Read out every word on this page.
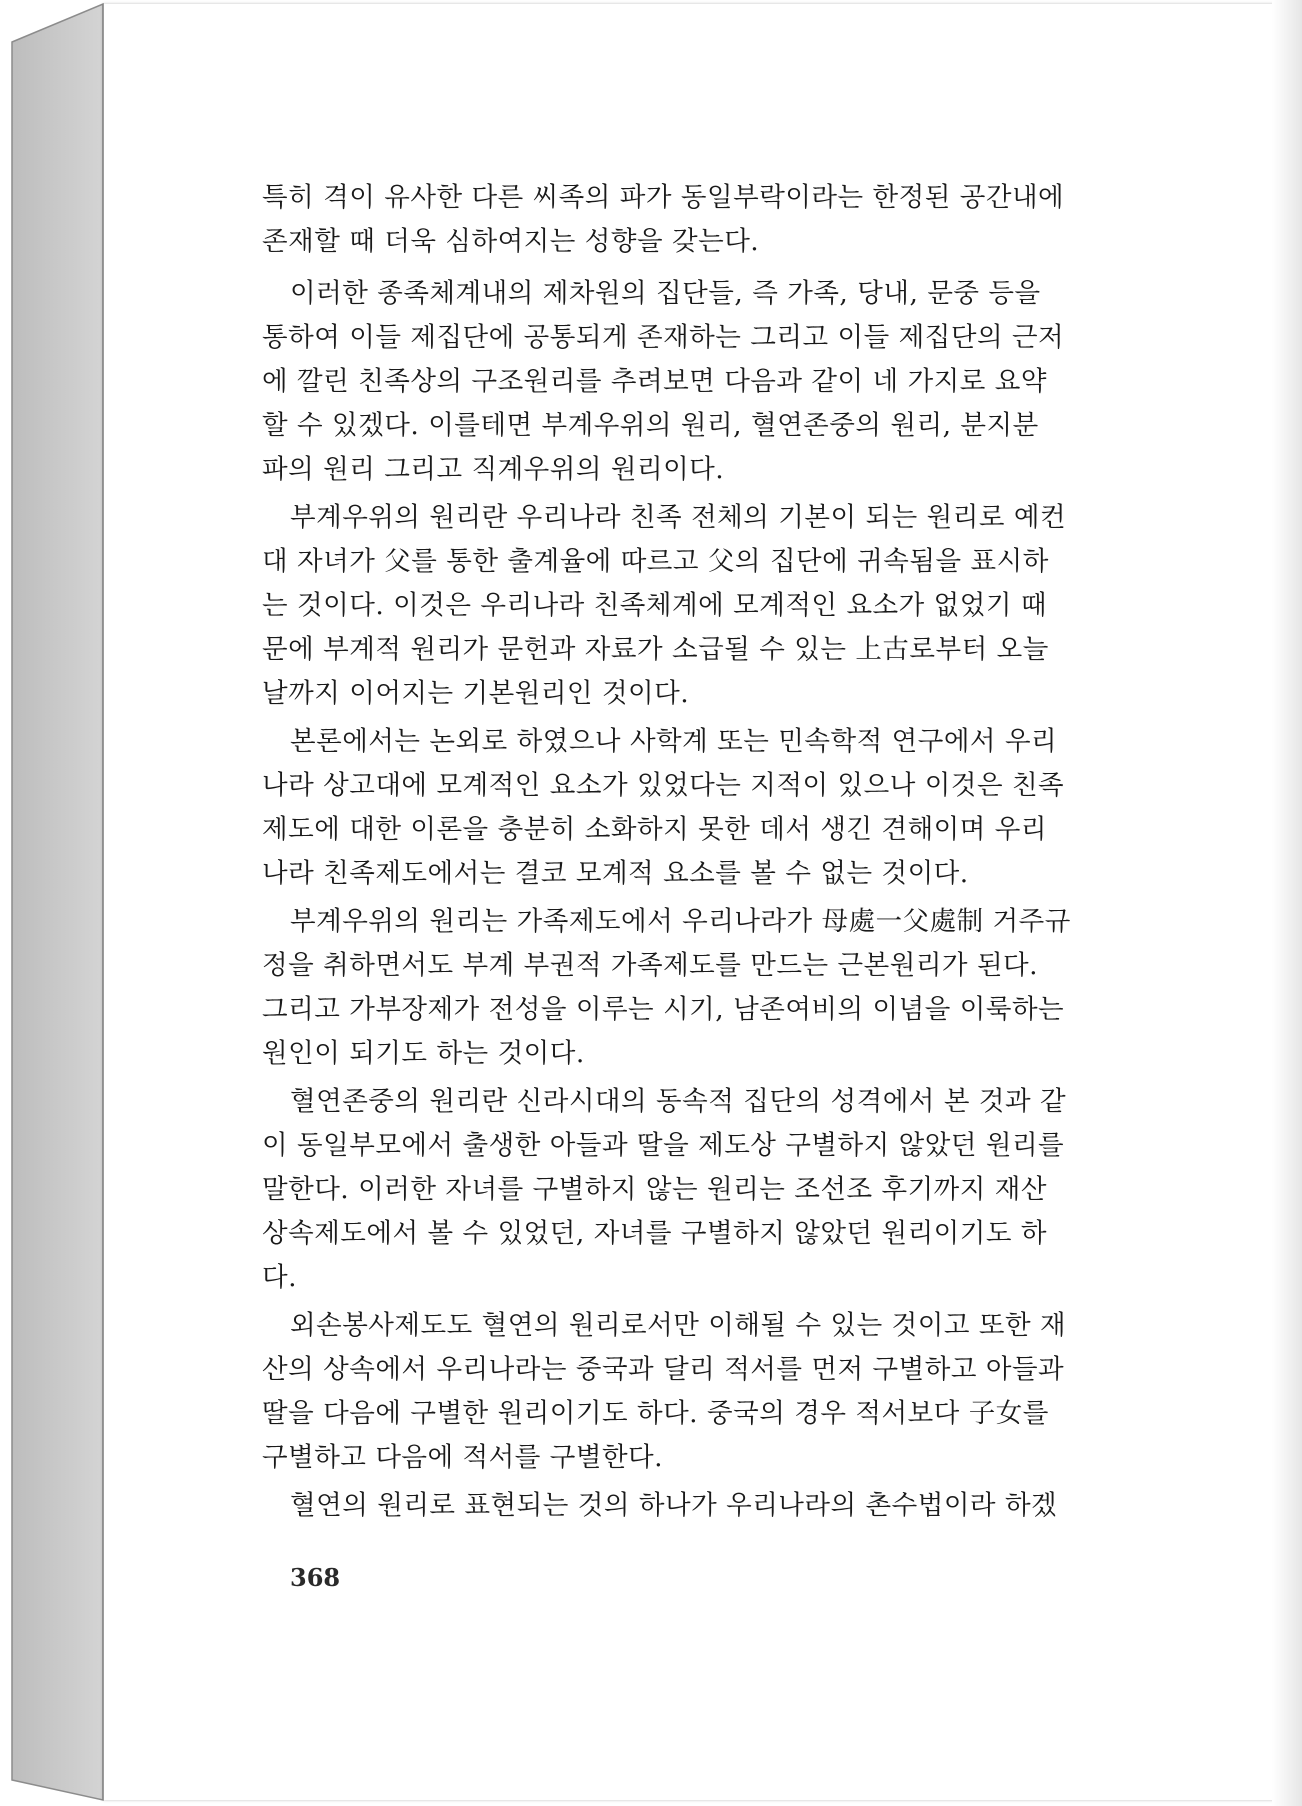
특히 격이 유사한 다른 씨족의 파가 동일부락이라는 한정된 공간내에
존재할 때 더욱 심하여지는 성향을 갖는다.
이러한 종족체계내의 제차원의 집단들, 즉 가족, 당내, 문중 등을
통하여 이들 제집단에 공통되게 존재하는 그리고 이들 제집단의 근저
에 깔린 친족상의 구조원리를 추려보면 다음과 같이 네 가지로 요약
할 수 있겠다. 이를테면 부계우위의 원리, 혈연존중의 원리, 분지분
파의 원리 그리고 직계우위의 원리이다.
부계우위의 원리란 우리나라 친족 전체의 기본이 되는 원리로 예컨
대 자녀가 父를 통한 출계율에 따르고 父의 집단에 귀속됨을 표시하
는 것이다. 이것은 우리나라 친족체계에 모계적인 요소가 없었기 때
문에 부계적 원리가 문헌과 자료가 소급될 수 있는 上古로부터 오늘
날까지 이어지는 기본원리인 것이다.
본론에서는 논외로 하였으나 사학계 또는 민속학적 연구에서 우리
나라 상고대에 모계적인 요소가 있었다는 지적이 있으나 이것은 친족
제도에 대한 이론을 충분히 소화하지 못한 데서 생긴 견해이며 우리
나라 친족제도에서는 결코 모계적 요소를 볼 수 없는 것이다.
부계우위의 원리는 가족제도에서 우리나라가 母處一父處制 거주규
정을 취하면서도 부계 부권적 가족제도를 만드는 근본원리가 된다.
그리고 가부장제가 전성을 이루는 시기, 남존여비의 이념을 이룩하는
원인이 되기도 하는 것이다.
혈연존중의 원리란 신라시대의 동속적 집단의 성격에서 본 것과 같
이 동일부모에서 출생한 아들과 딸을 제도상 구별하지 않았던 원리를
말한다. 이러한 자녀를 구별하지 않는 원리는 조선조 후기까지 재산
상속제도에서 볼 수 있었던, 자녀를 구별하지 않았던 원리이기도 하
다.
외손봉사제도도 혈연의 원리로서만 이해될 수 있는 것이고 또한 재
산의 상속에서 우리나라는 중국과 달리 적서를 먼저 구별하고 아들과
딸을 다음에 구별한 원리이기도 하다. 중국의 경우 적서보다 子女를
구별하고 다음에 적서를 구별한다.
혈연의 원리로 표현되는 것의 하나가 우리나라의 촌수법이라 하겠
368
